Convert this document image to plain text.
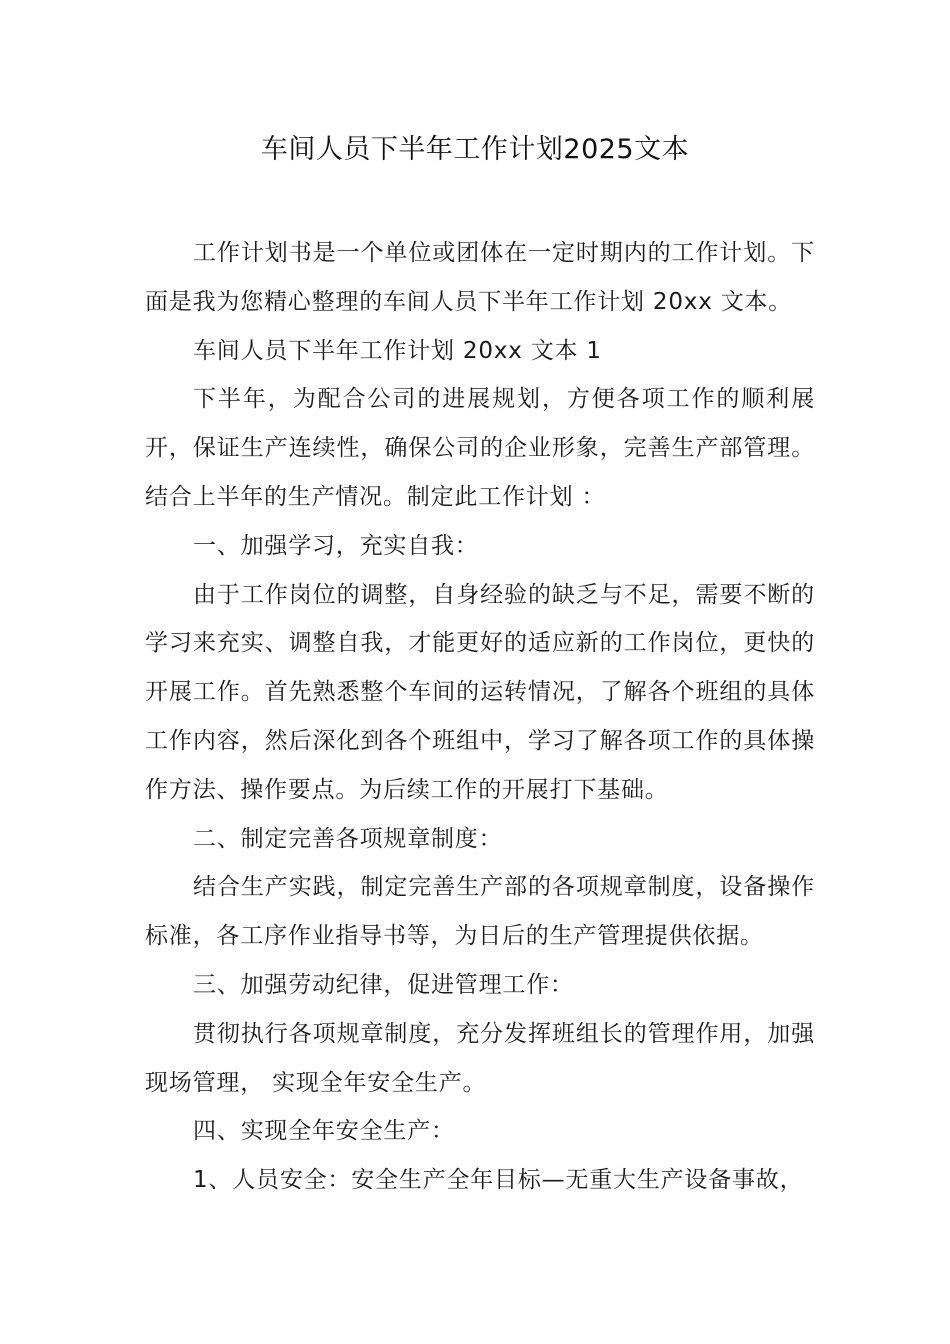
车间人员下半年工作计划2025文本

工作计划书是一个单位或团体在一定时期内的工作计划。下面是我为您精心整理的车间人员下半年工作计划 20xx 文本。

车间人员下半年工作计划 20xx 文本 1

下半年，为配合公司的进展规划，方便各项工作的顺利展开，保证生产连续性，确保公司的企业形象，完善生产部管理。结合上半年的生产情况。制定此工作计划 ：

一、加强学习，充实自我：

由于工作岗位的调整，自身经验的缺乏与不足，需要不断的学习来充实、调整自我，才能更好的适应新的工作岗位，更快的开展工作。首先熟悉整个车间的运转情况，了解各个班组的具体工作内容，然后深化到各个班组中，学习了解各项工作的具体操作方法、操作要点。为后续工作的开展打下基础。

二、制定完善各项规章制度：

结合生产实践，制定完善生产部的各项规章制度，设备操作标准，各工序作业指导书等，为日后的生产管理提供依据。

三、加强劳动纪律，促进管理工作：

贯彻执行各项规章制度，充分发挥班组长的管理作用，加强现场管理， 实现全年安全生产。

四、实现全年安全生产：

1、人员安全：安全生产全年目标—无重大生产设备事故，
